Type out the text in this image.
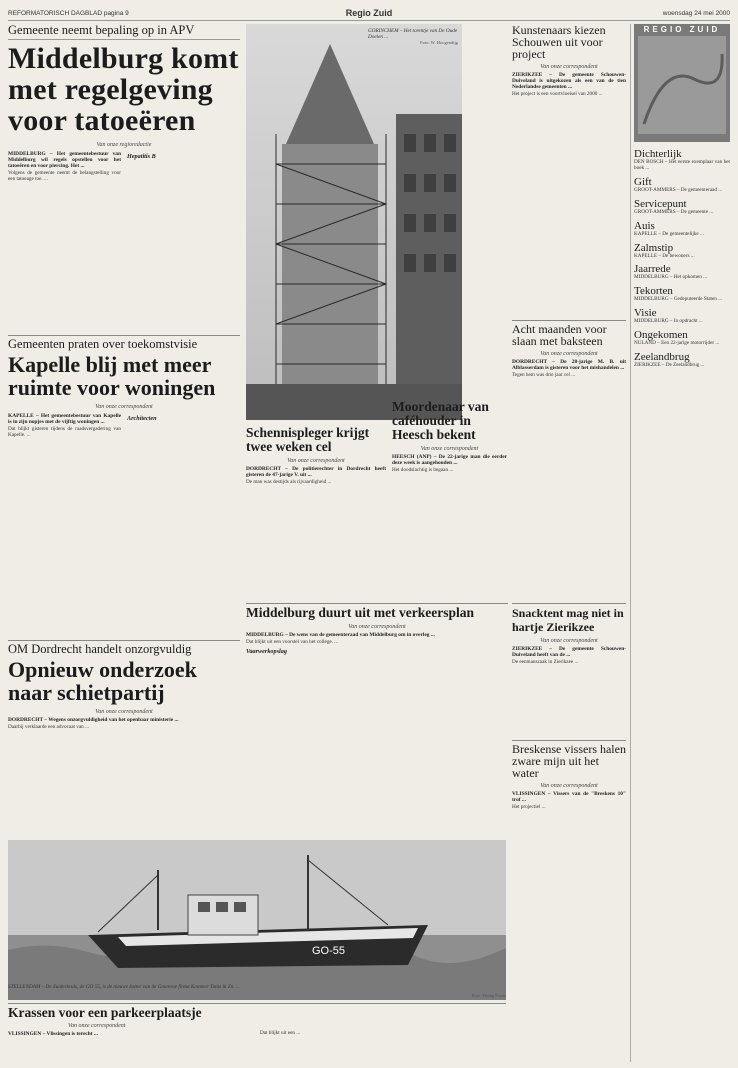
REFORMATORISCH DAGBLAD pagina 9	Regio Zuid	woensdag 24 mei 2000
Gemeente neemt bepaling op in APV
Middelburg komt met regelgeving voor tatoeëren
Van onze regioredactie
MIDDELBURG – Het gemeentebestuur van Middelburg wil regels opstellen voor het tatoeëren en voor piercing. Het ...
Volgens de gemeente neemt de belangstelling voor een tatoeage toe. ...
Hepatitis B
GORINCHEM – Het torentje van De Oude Doelen ...
Foto: W. Hoogendijg
Gemeenten praten over toekomstvisie
Kapelle blij met meer ruimte voor woningen
Van onze correspondent
KAPELLE – Het gemeentebestuur van Kapelle is in zijn nopjes met de vijftig woningen ...
Dat blijkt gisteren tijdens de raadsvergadering van Kapelle. ...
Architecten
Schennispleger krijgt twee weken cel
Van onze correspondent
DORDRECHT – De politierechter in Dordrecht heeft gisteren de 47-jarige V. uit ...
De man was destijds als rijvaardigheid ...
Moordenaar van caféhouder in Heesch bekent
Van onze correspondent
HEESCH (ANP) – De 22-jarige man die eerder deze week is aangehouden ...
Het doodslachtig is begaan ...
Middelburg duurt uit met verkeersplan
Van onze correspondent
MIDDELBURG – De wens van de gemeenteraad van Middelburg om in overleg ...
Dat blijkt uit een voorstel van het college. ...
Vaarwerkopslag
OM Dordrecht handelt onzorgvuldig
Opnieuw onderzoek naar schietpartij
Van onze correspondent
DORDRECHT – Wegens onzorgvuldigheid van het openbaar ministerie ...
Daarbij verklaarde een advocaat van ...
Kunstenaars kiezen Schouwen uit voor project
Van onze correspondent
ZIERIKZEE – De gemeente Schouwen-Duiveland is uitgekozen als een van de tien Nederlandse gemeenten ...
Het project is een voortvloeisel van 2000 ...
Acht maanden voor slaan met baksteen
Van onze correspondent
DORDRECHT – De 28-jarige M. B. uit Alblasserdam is gisteren voor het mishandelen ...
Tegen hem was drie jaar cel ...
Snacktent mag niet in hartje Zierikzee
Van onze correspondent
ZIERIKZEE – De gemeente Schouwen-Duiveland heeft van de ...
De eenmanszaak in Zierikzee ...
Breskense vissers halen zware mijn uit het water
Van onze correspondent
VLISSINGEN – Vissers van de "Breskens 10" trof ...
Het projectiel ...
GO-55
STELLENDAM – De Zuiderkruis, de GO 55, is de nieuwe kotter van de Goereese firma Kommer Tanis & Zn. ...
Foto: Flying Focus
Krassen voor een parkeerplaatsje
Van onze correspondent
VLISSINGEN – Vlissingen is terecht ...	Dat blijkt uit een ...
REGIO ZUID
Dichterlijk
DEN BOSCH – Het eerste exemplaar van het boek ...
Gift
GROOT-AMMERS – De gemeenteraad ...
Servicepunt
GROOT-AMMERS – De gemeente ...
Auis
KAPELLE – De gemeentelijke ...
Zalmstip
KAPELLE – De bewoners ...
Jaarrede
MIDDELBURG – Het opkomen ...
Tekorten
MIDDELBURG – Gedeputeerde Staten ...
Visie
MIDDELBURG – In opdracht ...
Ongekomen
NULAND – Een 22-jarige motorrijder ...
Zeelandbrug
ZIERIKZEE – De Zeelandbrug ...
